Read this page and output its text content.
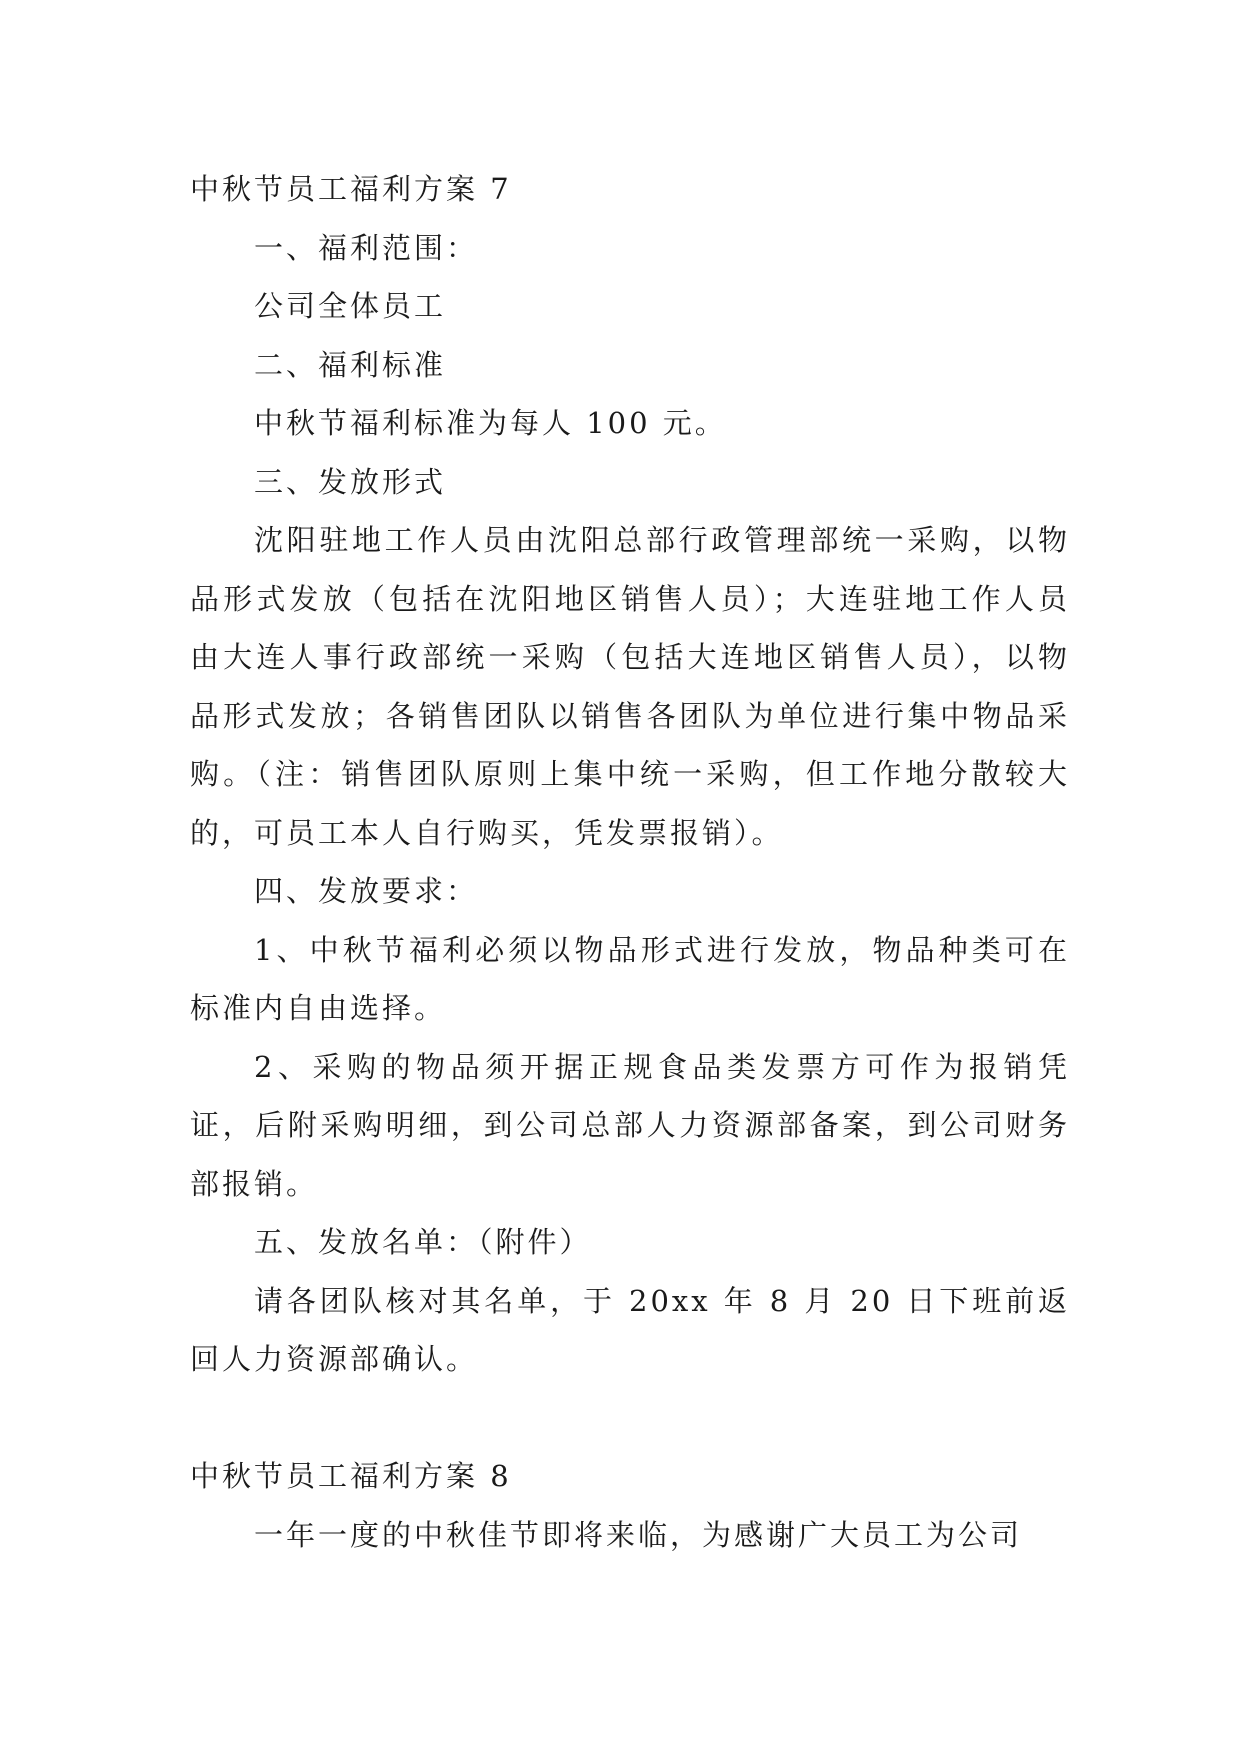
中秋节员工福利方案 7

一、福利范围：

公司全体员工

二、福利标准

中秋节福利标准为每人 100 元。

三、发放形式

沈阳驻地工作人员由沈阳总部行政管理部统一采购，以物品形式发放（包括在沈阳地区销售人员）；大连驻地工作人员由大连人事行政部统一采购（包括大连地区销售人员），以物品形式发放；各销售团队以销售各团队为单位进行集中物品采购。（注：销售团队原则上集中统一采购，但工作地分散较大的，可员工本人自行购买，凭发票报销）。

四、发放要求：

1、中秋节福利必须以物品形式进行发放，物品种类可在标准内自由选择。

2、采购的物品须开据正规食品类发票方可作为报销凭证，后附采购明细，到公司总部人力资源部备案，到公司财务部报销。

五、发放名单：（附件）

请各团队核对其名单，于 20xx 年 8 月 20 日下班前返回人力资源部确认。

中秋节员工福利方案 8

一年一度的中秋佳节即将来临，为感谢广大员工为公司
